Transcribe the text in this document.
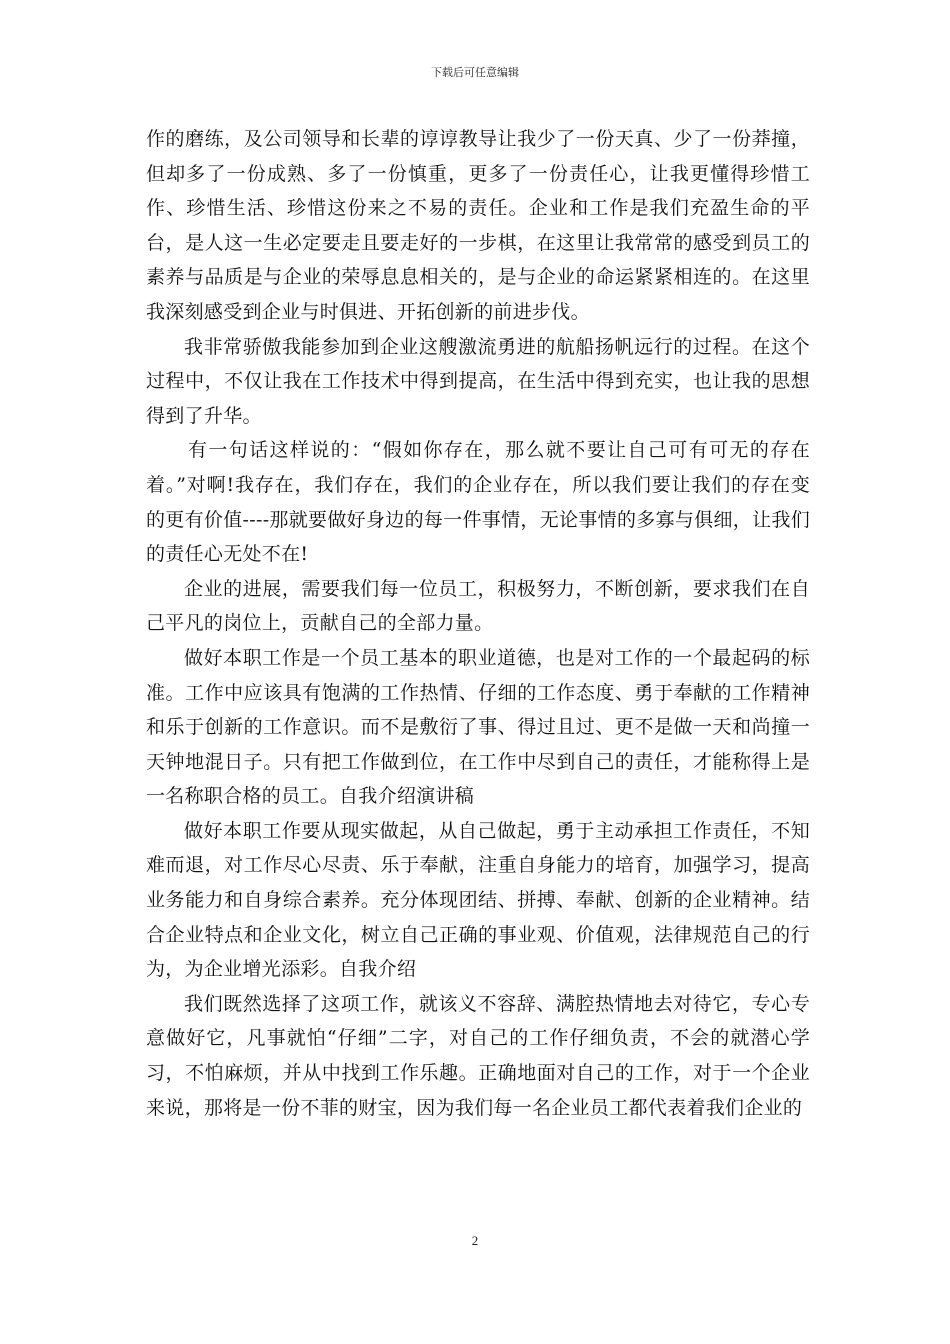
下载后可任意编辑

作的磨练，及公司领导和长辈的谆谆教导让我少了一份天真、少了一份莽撞，但却多了一份成熟、多了一份慎重，更多了一份责任心，让我更懂得珍惜工作、珍惜生活、珍惜这份来之不易的责任。企业和工作是我们充盈生命的平台，是人这一生必定要走且要走好的一步棋，在这里让我常常的感受到员工的素养与品质是与企业的荣辱息息相关的，是与企业的命运紧紧相连的。在这里我深刻感受到企业与时俱进、开拓创新的前进步伐。

我非常骄傲我能参加到企业这艘激流勇进的航船扬帆远行的过程。在这个过程中，不仅让我在工作技术中得到提高，在生活中得到充实，也让我的思想得到了升华。

有一句话这样说的：“假如你存在，那么就不要让自己可有可无的存在着。”对啊!我存在，我们存在，我们的企业存在，所以我们要让我们的存在变的更有价值----那就要做好身边的每一件事情，无论事情的多寡与俱细，让我们的责任心无处不在!

企业的进展，需要我们每一位员工，积极努力，不断创新，要求我们在自己平凡的岗位上，贡献自己的全部力量。

做好本职工作是一个员工基本的职业道德，也是对工作的一个最起码的标准。工作中应该具有饱满的工作热情、仔细的工作态度、勇于奉献的工作精神和乐于创新的工作意识。而不是敷衍了事、得过且过、更不是做一天和尚撞一天钟地混日子。只有把工作做到位，在工作中尽到自己的责任，才能称得上是一名称职合格的员工。自我介绍演讲稿

做好本职工作要从现实做起，从自己做起，勇于主动承担工作责任，不知难而退，对工作尽心尽责、乐于奉献，注重自身能力的培育，加强学习，提高业务能力和自身综合素养。充分体现团结、拼搏、奉献、创新的企业精神。结合企业特点和企业文化，树立自己正确的事业观、价值观，法律规范自己的行为，为企业增光添彩。自我介绍

我们既然选择了这项工作，就该义不容辞、满腔热情地去对待它，专心专意做好它，凡事就怕“仔细”二字，对自己的工作仔细负责，不会的就潜心学习，不怕麻烦，并从中找到工作乐趣。正确地面对自己的工作，对于一个企业来说，那将是一份不菲的财宝，因为我们每一名企业员工都代表着我们企业的

2
